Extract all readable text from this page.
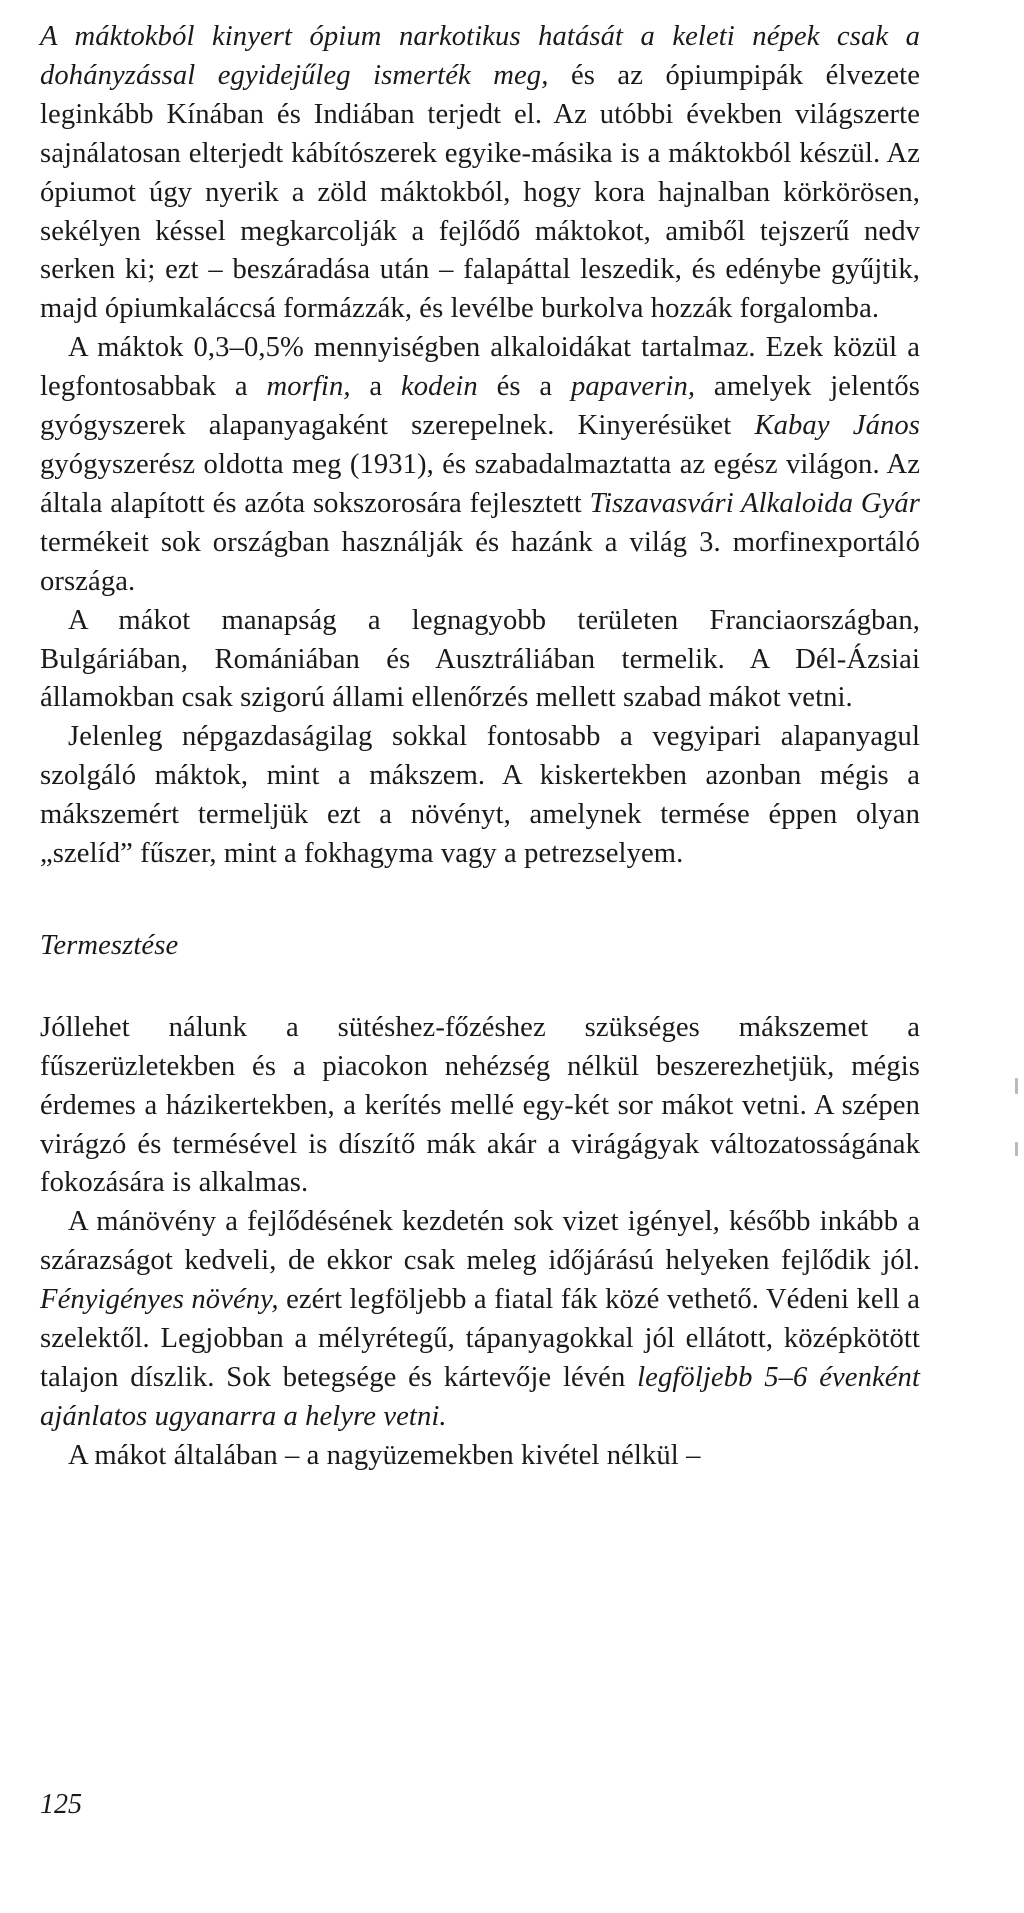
A máktokból kinyert ópium narkotikus hatását a keleti népek csak a dohányzással egyidejűleg ismerték meg, és az ópiumpipák élvezete leginkább Kínában és Indiában terjedt el. Az utóbbi években világszerte sajnálatosan elterjedt kábítószerek egyike-másika is a máktokból készül. Az ópiumot úgy nyerik a zöld máktokból, hogy kora hajnalban körkörösen, sekélyen késsel megkarcolják a fejlődő máktokot, amiből tejszerű nedv serken ki; ezt – beszáradása után – falapáttal leszedik, és edénybe gyűjtik, majd ópiumkaláccsá formázzák, és levélbe burkolva hozzák forgalomba.

A máktok 0,3–0,5% mennyiségben alkaloidákat tartalmaz. Ezek közül a legfontosabbak a morfin, a kodein és a papaverin, amelyek jelentős gyógyszerek alapanyagaként szerepelnek. Kinyerésüket Kabay János gyógyszerész oldotta meg (1931), és szabadalmaztatta az egész világon. Az általa alapított és azóta sokszorosára fejlesztett Tiszavasvári Alkaloida Gyár termékeit sok országban használják és hazánk a világ 3. morfinexportáló országa.

A mákot manapság a legnagyobb területen Franciaországban, Bulgáriában, Romániában és Ausztráliában termelik. A Dél-Ázsiai államokban csak szigorú állami ellenőrzés mellett szabad mákot vetni.

Jelenleg népgazdaságilag sokkal fontosabb a vegyipari alapanyagul szolgáló máktok, mint a mákszem. A kiskertekben azonban mégis a mákszemért termeljük ezt a növényt, amelynek termése éppen olyan „szelíd” fűszer, mint a fokhagyma vagy a petrezselyem.

Termesztése

Jóllehet nálunk a sütéshez-főzéshez szükséges mákszemet a fűszerüzletekben és a piacokon nehézség nélkül beszerezhetjük, mégis érdemes a házikertekben, a kerítés mellé egy-két sor mákot vetni. A szépen virágzó és termésével is díszítő mák akár a virágágyak változatosságának fokozására is alkalmas.

A mánövény a fejlődésének kezdetén sok vizet igényel, később inkább a szárazságot kedveli, de ekkor csak meleg időjárású helyeken fejlődik jól. Fényigényes növény, ezért legföljebb a fiatal fák közé vethető. Védeni kell a szelektől. Legjobban a mélyrétegű, tápanyagokkal jól ellátott, középkötött talajon díszlik. Sok betegsége és kártevője lévén legföljebb 5–6 évenként ajánlatos ugyanarra a helyre vetni.

A mákot általában – a nagyüzemekben kivétel nélkül –

125
